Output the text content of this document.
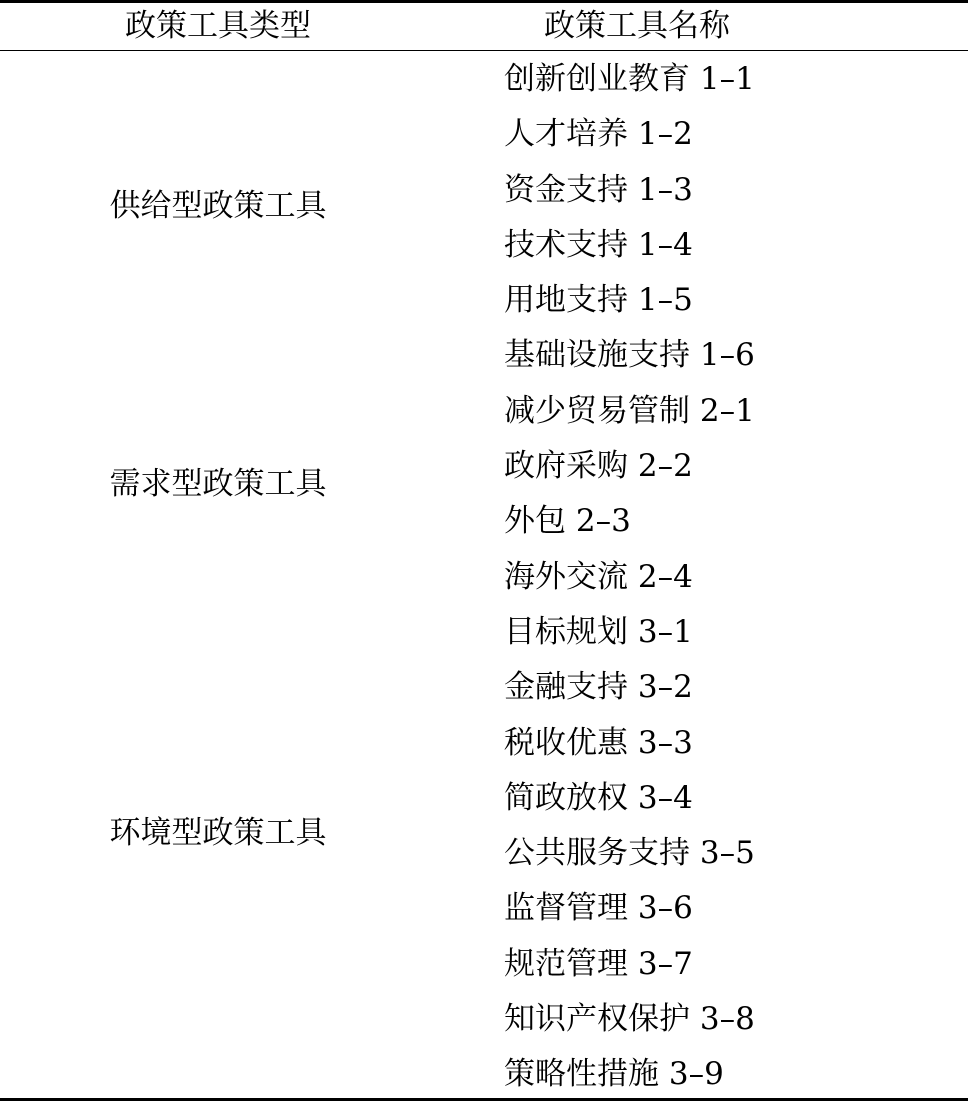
政策工具类型	政策工具名称
供给型政策工具
需求型政策工具
环境型政策工具
创新创业教育 1–1
人才培养 1–2
资金支持 1–3
技术支持 1–4
用地支持 1–5
基础设施支持 1–6
减少贸易管制 2–1
政府采购 2–2
外包 2–3
海外交流 2–4
目标规划 3–1
金融支持 3–2
税收优惠 3–3
简政放权 3–4
公共服务支持 3–5
监督管理 3–6
规范管理 3–7
知识产权保护 3–8
策略性措施 3–9
